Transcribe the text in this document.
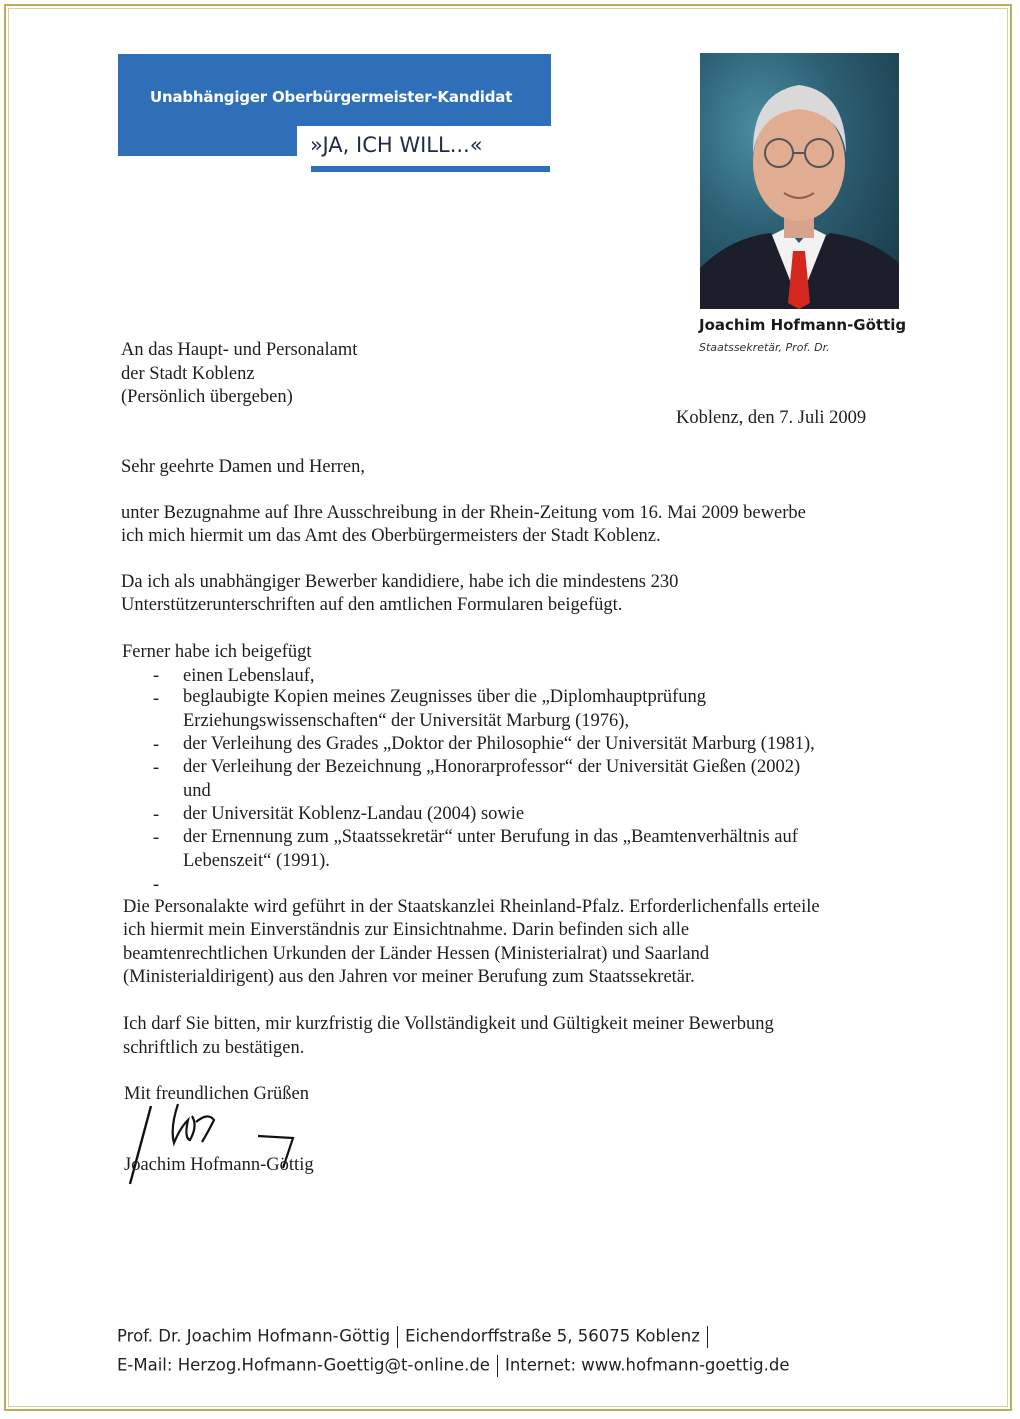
Unabhängiger Oberbürgermeister-Kandidat
»JA, ICH WILL...«
Joachim Hofmann-Göttig
Staatssekretär, Prof. Dr.
An das Haupt- und Personalamt
der Stadt Koblenz
(Persönlich übergeben)
Koblenz, den 7. Juli 2009
Sehr geehrte Damen und Herren,
unter Bezugnahme auf Ihre Ausschreibung in der Rhein-Zeitung vom 16. Mai 2009 bewerbe
ich mich hiermit um das Amt des Oberbürgermeisters der Stadt Koblenz.
Da ich als unabhängiger Bewerber kandidiere, habe ich die mindestens 230
Unterstützerunterschriften auf den amtlichen Formularen beigefügt.
Ferner habe ich beigefügt
- einen Lebenslauf,
- beglaubigte Kopien meines Zeugnisses über die „Diplomhauptprüfung
Erziehungswissenschaften“ der Universität Marburg (1976),
- der Verleihung des Grades „Doktor der Philosophie“ der Universität Marburg (1981),
- der Verleihung der Bezeichnung „Honorarprofessor“ der Universität Gießen (2002)
und
- der Universität Koblenz-Landau (2004) sowie
- der Ernennung zum „Staatssekretär“ unter Berufung in das „Beamtenverhältnis auf
Lebenszeit“ (1991).
-
Die Personalakte wird geführt in der Staatskanzlei Rheinland-Pfalz. Erforderlichenfalls erteile
ich hiermit mein Einverständnis zur Einsichtnahme. Darin befinden sich alle
beamtenrechtlichen Urkunden der Länder Hessen (Ministerialrat) und Saarland
(Ministerialdirigent) aus den Jahren vor meiner Berufung zum Staatssekretär.
Ich darf Sie bitten, mir kurzfristig die Vollständigkeit und Gültigkeit meiner Bewerbung
schriftlich zu bestätigen.
Mit freundlichen Grüßen
Joachim Hofmann-Göttig
Prof. Dr. Joachim Hofmann-Göttig Eichendorffstraße 5, 56075 Koblenz
E-Mail: Herzog.Hofmann-Goettig@t-online.de Internet: www.hofmann-goettig.de
